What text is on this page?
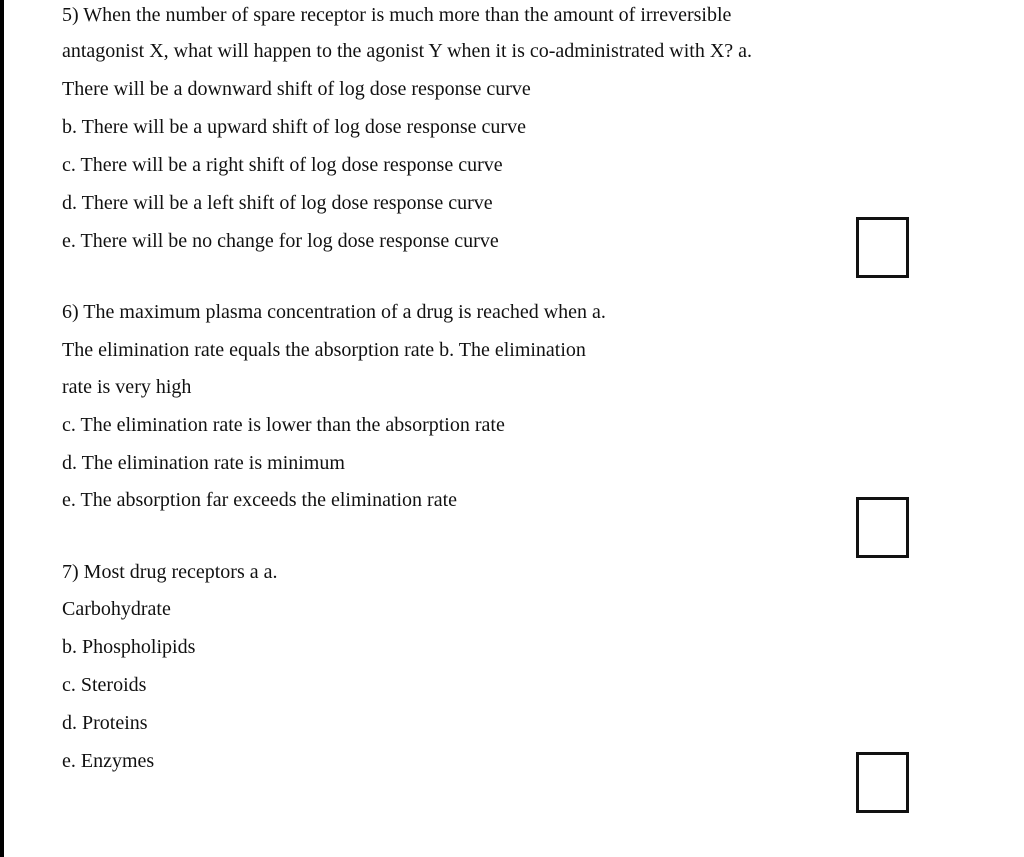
5) When the number of spare receptor is much more than the amount of irreversible
antagonist X, what will happen to the agonist Y when it is co-administrated with X? a.
There will be a downward shift of log dose response curve
b. There will be a upward shift of log dose response curve
c. There will be a right shift of log dose response curve
d. There will be a left shift of log dose response curve
e. There will be no change for log dose response curve
6) The maximum plasma concentration of a drug is reached when a.
The elimination rate equals the absorption rate b. The elimination
rate is very high
c. The elimination rate is lower than the absorption rate
d. The elimination rate is minimum
e. The absorption far exceeds the elimination rate
7) Most drug receptors a a.
Carbohydrate
b. Phospholipids
c. Steroids
d. Proteins
e. Enzymes
